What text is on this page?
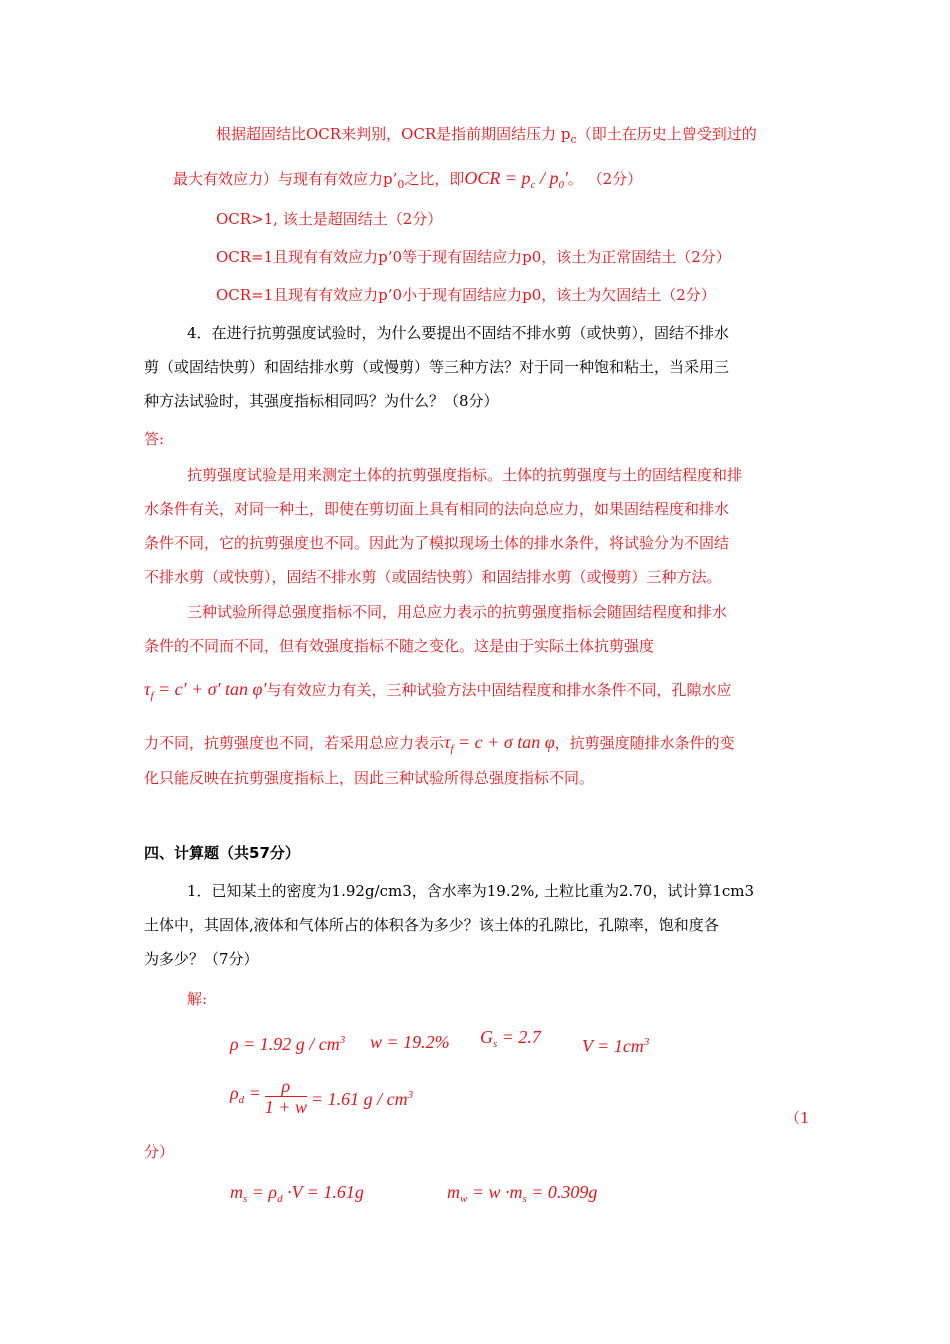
根据超固结比OCR来判别，OCR是指前期固结压力 $p_c$（即土在历史上曾受到过的
最大有效应力）与现有有效应力$p’_0$之比，即OCR = $p_c / p_0'$。 （2分）
OCR>1, 该土是超固结土（2分）
OCR=1且现有有效应力p’0等于现有固结应力p0，该土为正常固结土（2分）
OCR=1且现有有效应力p’0小于现有固结应力p0，该土为欠固结土（2分）
4．在进行抗剪强度试验时，为什么要提出不固结不排水剪（或快剪），固结不排水
剪（或固结快剪）和固结排水剪（或慢剪）等三种方法？对于同一种饱和粘土，当采用三
种方法试验时，其强度指标相同吗？为什么？（8分）
答:
抗剪强度试验是用来测定土体的抗剪强度指标。土体的抗剪强度与土的固结程度和排
水条件有关，对同一种土，即使在剪切面上具有相同的法向总应力，如果固结程度和排水
条件不同，它的抗剪强度也不同。因此为了模拟现场土体的排水条件，将试验分为不固结
不排水剪（或快剪），固结不排水剪（或固结快剪）和固结排水剪（或慢剪）三种方法。
三种试验所得总强度指标不同，用总应力表示的抗剪强度指标会随固结程度和排水
条件的不同而不同，但有效强度指标不随之变化。这是由于实际土体抗剪强度
$\tau_f = c' + \sigma'$ tan φ′与有效应力有关，三种试验方法中固结程度和排水条件不同，孔隙水应
力不同，抗剪强度也不同，若采用总应力表示$\tau_f = c + \sigma$ tan φ，抗剪强度随排水条件的变
化只能反映在抗剪强度指标上，因此三种试验所得总强度指标不同。
四、计算题（共57分）
1．已知某土的密度为1.92g/cm3，含水率为19.2%, 土粒比重为2.70，试计算1cm3
土体中，其固体,液体和气体所占的体积各为多少？该土体的孔隙比，孔隙率，饱和度各
为多少？（7分）
解:
ρ = 1.92 g / $cm^3$ w = 19.2% $G_s = 2.7$ $V = 1cm^3$
$\rho_d = \frac{\rho}{1 + w} = 1.61$ g / $cm^3$
（1
分）
$m_s = \rho_d \cdot V = 1.61g$	$m_w = w \cdot m_s = 0.309g$
